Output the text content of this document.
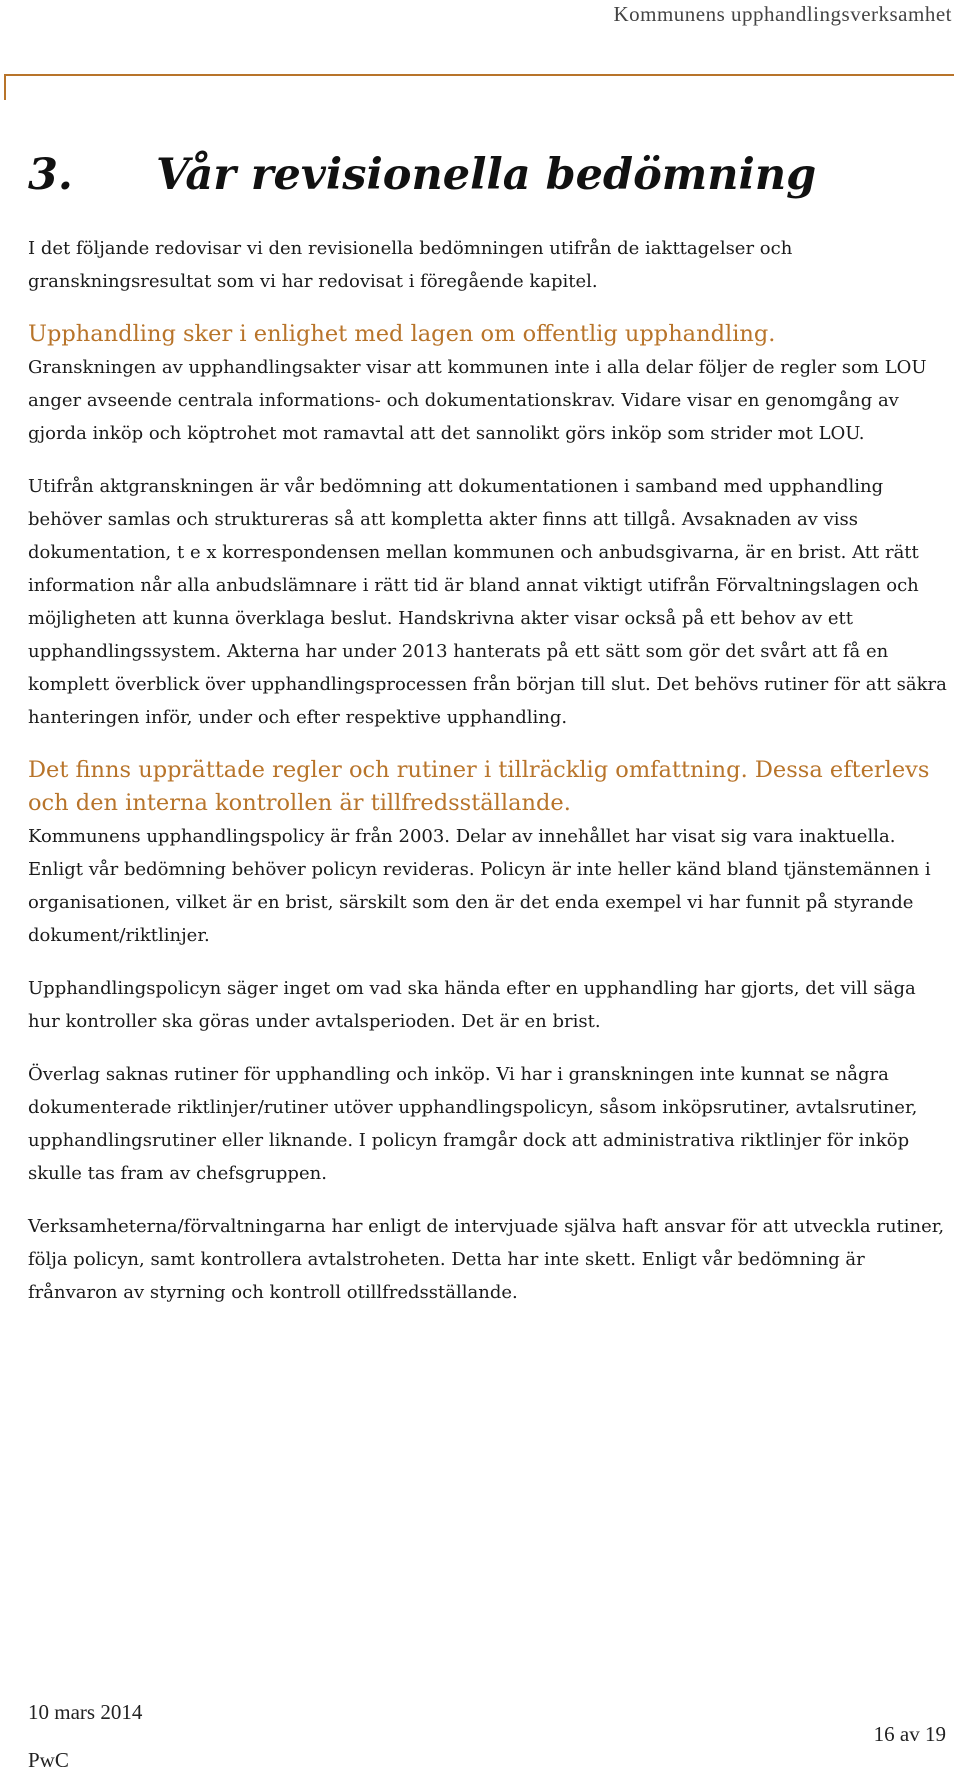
Kommunens upphandlingsverksamhet
3. Vår revisionella bedömning

I det följande redovisar vi den revisionella bedömningen utifrån de iakttagelser och granskningsresultat som vi har redovisat i föregående kapitel.

Upphandling sker i enlighet med lagen om offentlig upphandling.

Granskningen av upphandlingsakter visar att kommunen inte i alla delar följer de regler som LOU anger avseende centrala informations- och dokumentationskrav. Vidare visar en genomgång av gjorda inköp och köptrohet mot ramavtal att det sannolikt görs inköp som strider mot LOU.

Utifrån aktgranskningen är vår bedömning att dokumentationen i samband med upphandling behöver samlas och struktureras så att kompletta akter finns att tillgå. Avsaknaden av viss dokumentation, t e x korrespondensen mellan kommunen och anbudsgivarna, är en brist. Att rätt information når alla anbudslämnare i rätt tid är bland annat viktigt utifrån Förvaltningslagen och möjligheten att kunna överklaga beslut. Handskrivna akter visar också på ett behov av ett upphandlingssystem. Akterna har under 2013 hanterats på ett sätt som gör det svårt att få en komplett överblick över upphandlingsprocessen från början till slut. Det behövs rutiner för att säkra hanteringen inför, under och efter respektive upphandling.

Det finns upprättade regler och rutiner i tillräcklig omfattning. Dessa efterlevs och den interna kontrollen är tillfredsställande.

Kommunens upphandlingspolicy är från 2003. Delar av innehållet har visat sig vara inaktuella. Enligt vår bedömning behöver policyn revideras. Policyn är inte heller känd bland tjänstemännen i organisationen, vilket är en brist, särskilt som den är det enda exempel vi har funnit på styrande dokument/riktlinjer.

Upphandlingspolicyn säger inget om vad ska hända efter en upphandling har gjorts, det vill säga hur kontroller ska göras under avtalsperioden. Det är en brist.

Överlag saknas rutiner för upphandling och inköp. Vi har i granskningen inte kunnat se några dokumenterade riktlinjer/rutiner utöver upphandlingspolicyn, såsom inköpsrutiner, avtalsrutiner, upphandlingsrutiner eller liknande. I policyn framgår dock att administrativa riktlinjer för inköp skulle tas fram av chefsgruppen.

Verksamheterna/förvaltningarna har enligt de intervjuade själva haft ansvar för att utveckla rutiner, följa policyn, samt kontrollera avtalstroheten. Detta har inte skett. Enligt vår bedömning är frånvaron av styrning och kontroll otillfredsställande.

10 mars 2014
PwC
16 av 19
